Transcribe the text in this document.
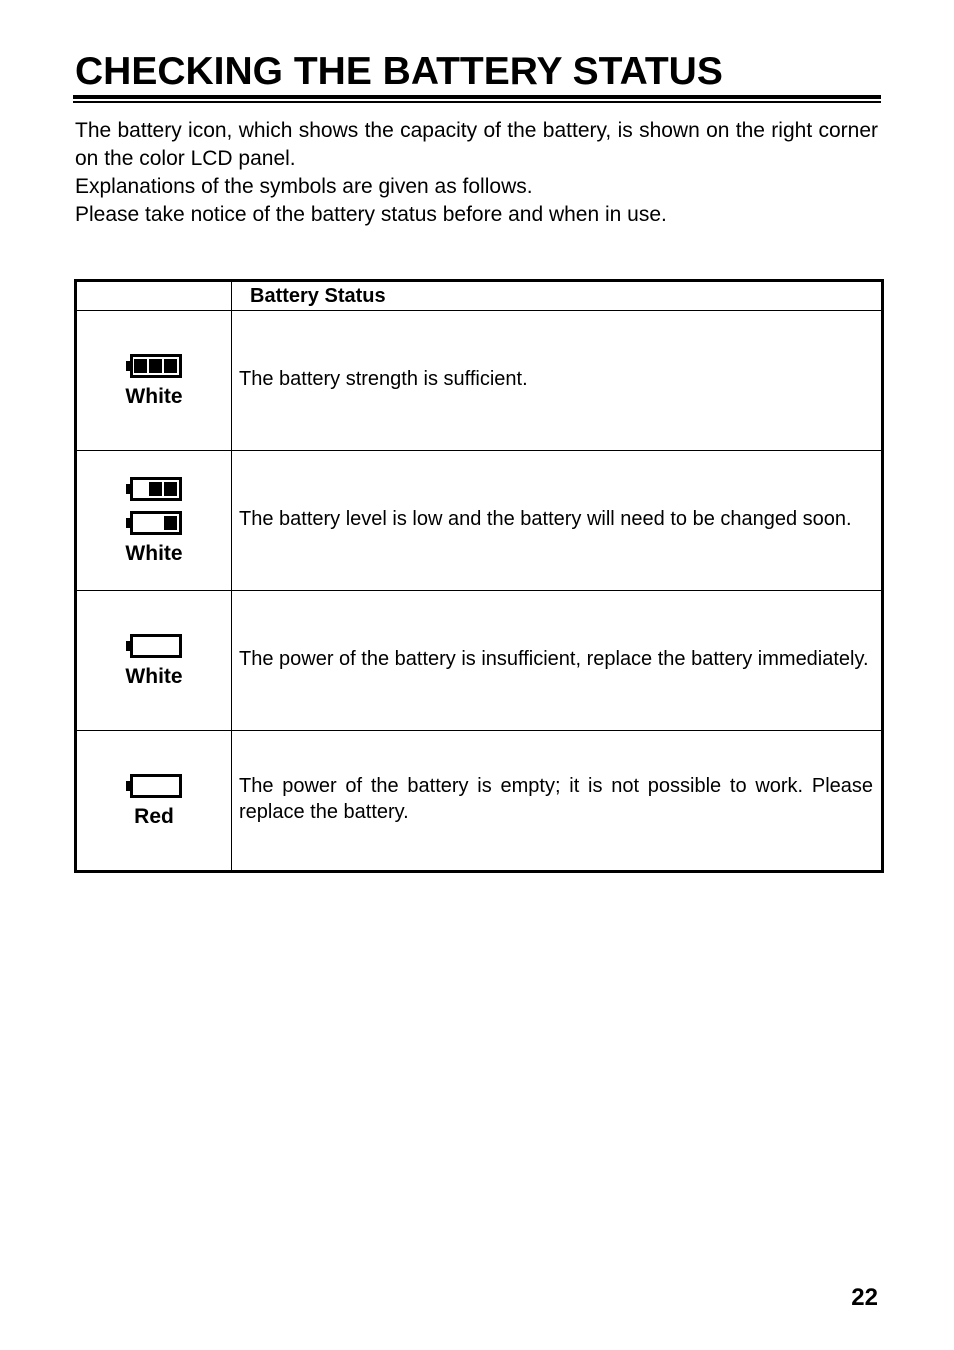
CHECKING THE BATTERY STATUS

The battery icon, which shows the capacity of the battery, is shown on the right corner on the color LCD panel.

Explanations of the symbols are given as follows.

Please take notice of the battery status before and when in use.

	Battery Status

White	The battery strength is sufficient.

White	The battery level is low and the battery will need to be changed soon.

White	The power of the battery is insufficient, replace the battery immediately.

Red	The power of the battery is empty; it is not possible to work. Please replace the battery.
22
